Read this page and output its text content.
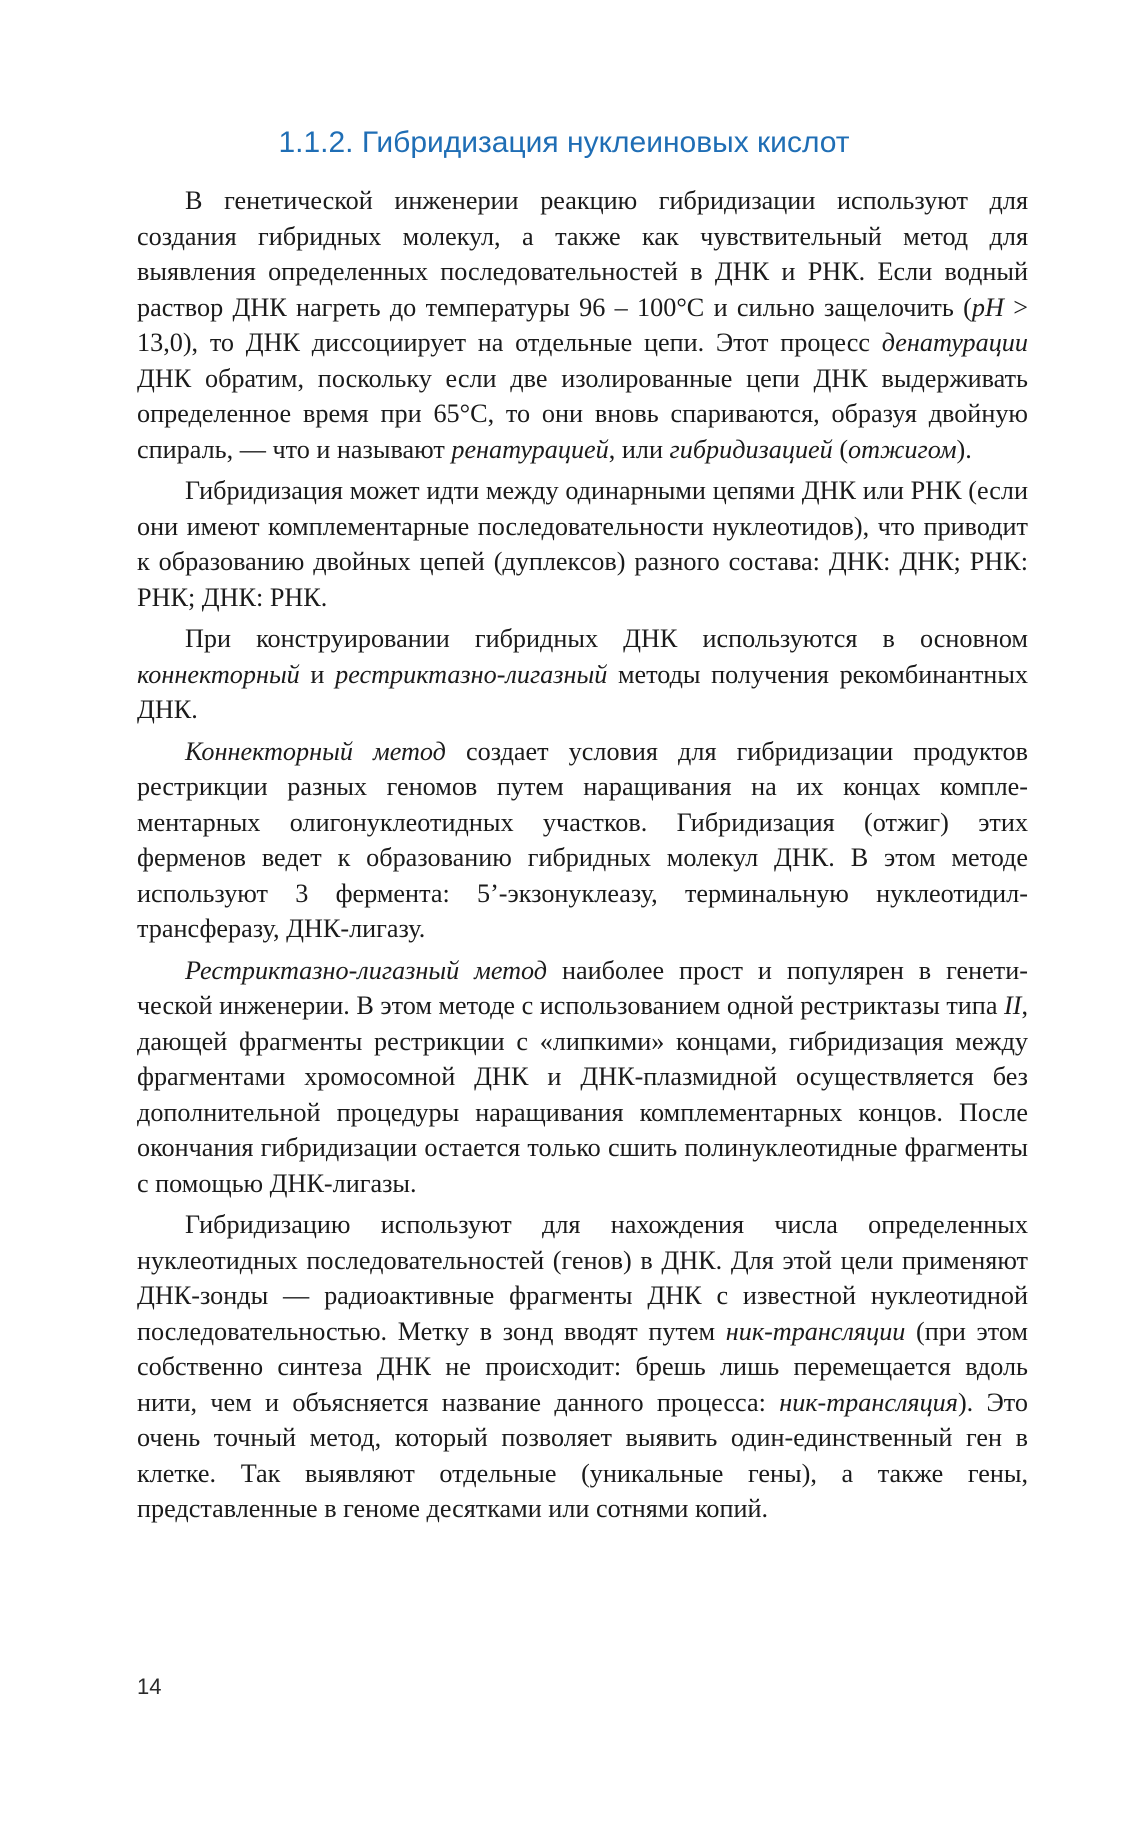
1.1.2. Гибридизация нуклеиновых кислот

В генетической инженерии реакцию гибридизации используют для создания гибридных молекул, а также как чувствительный метод для выявления определенных последовательностей в ДНК и РНК. Если водный раствор ДНК нагреть до температуры 96 – 100°С и сильно защелочить (pH > 13,0), то ДНК диссоциирует на отдельные цепи. Этот процесс денатурации ДНК обратим, поскольку если две изолированные цепи ДНК выдерживать определенное время при 65°С, то они вновь спариваются, образуя двойную спираль, — что и называют ренатурацией, или гибридизацией (отжигом).

Гибридизация может идти между одинарными цепями ДНК или РНК (если они имеют комплементарные последовательности нуклеотидов), что приводит к образованию двойных цепей (дуплексов) разного состава: ДНК: ДНК; РНК: РНК; ДНК: РНК.

При конструировании гибридных ДНК используются в основном коннекторный и рестриктазно-лигазный методы получения рекомбинантных ДНК.

Коннекторный метод создает условия для гибридизации продуктов рестрикции разных геномов путем наращивания на их концах комплементарных олигонуклеотидных участков. Гибридизация (отжиг) этих фермeнов ведет к образованию гибридных молекул ДНК. В этом методе используют 3 фермента: 5’-экзонуклеазу, терминальную нуклеотидилтрансферазу, ДНК-лигазу.

Рестриктазно-лигазный метод наиболее прост и популярен в генетической инженерии. В этом методе с использованием одной рестриктазы типа II, дающей фрагменты рестрикции с «липкими» концами, гибридизация между фрагментами хромосомной ДНК и ДНК-плазмидной осуществляется без дополнительной процедуры наращивания комплементарных концов. После окончания гибридизации остается только сшить полинуклеотидные фрагменты с помощью ДНК-лигазы.

Гибридизацию используют для нахождения числа определенных нуклеотидных последовательностей (генов) в ДНК. Для этой цели применяют ДНК-зонды — радиоактивные фрагменты ДНК с известной нуклеотидной последовательностью. Метку в зонд вводят путем ник-трансляции (при этом собственно синтеза ДНК не происходит: брешь лишь перемещается вдоль нити, чем и объясняется название данного процесса: ник-трансляция). Это очень точный метод, который позволяет выявить один-единственный ген в клетке. Так выявляют отдельные (уникальные гены), а также гены, представленные в геноме десятками или сотнями копий.

14
